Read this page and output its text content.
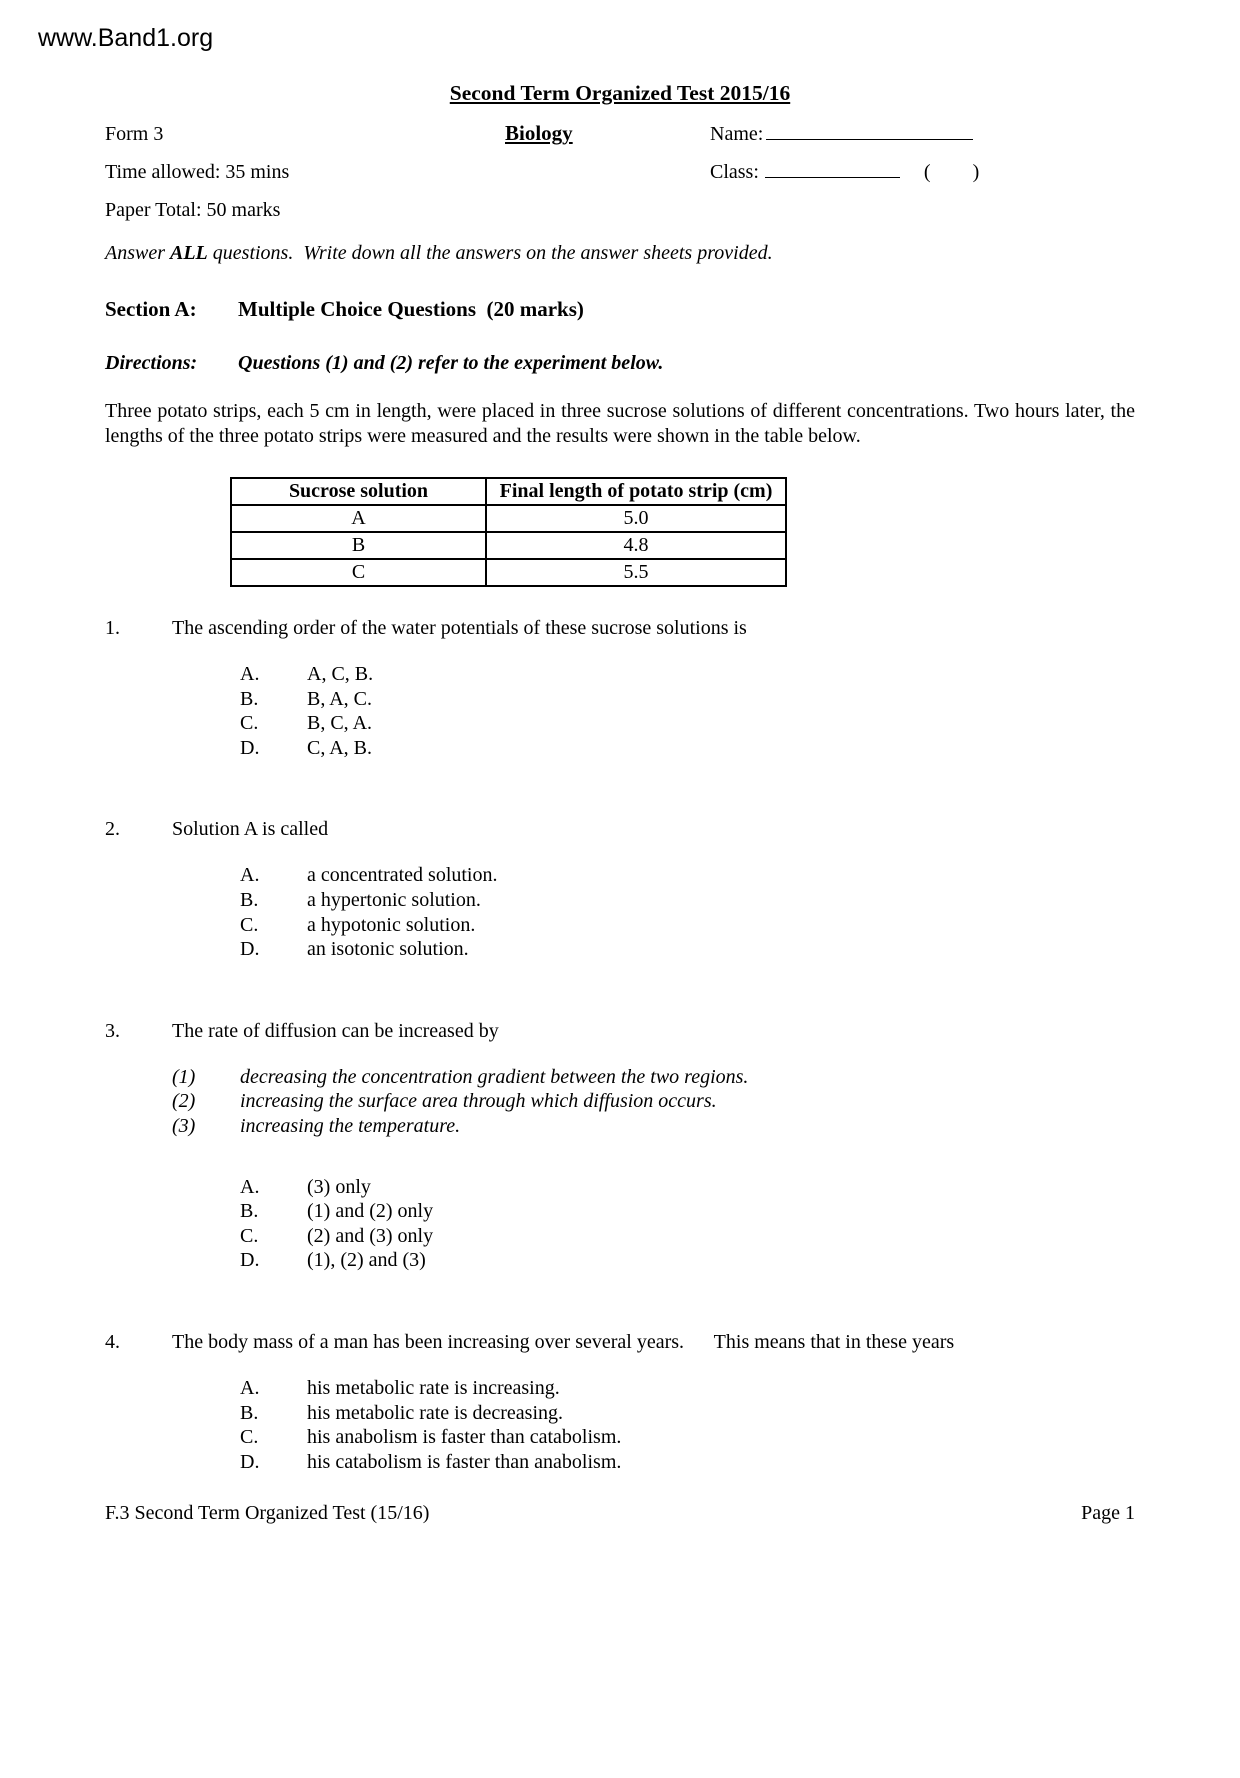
www.Band1.org
Second Term Organized Test 2015/16
Form 3	Biology	Name:
Time allowed: 35 mins	Class:	( )
Paper Total: 50 marks
Answer ALL questions.  Write down all the answers on the answer sheets provided.
Section A: Multiple Choice Questions  (20 marks)
Directions: Questions (1) and (2) refer to the experiment below.
Three potato strips, each 5 cm in length, were placed in three sucrose solutions of different concentrations. Two hours later, the lengths of the three potato strips were measured and the results were shown in the table below.
Sucrose solution	Final length of potato strip (cm)
A	5.0
B	4.8
C	5.5
1.	The ascending order of the water potentials of these sucrose solutions is
A. A, C, B.
B. B, A, C.
C. B, C, A.
D. C, A, B.
2.	Solution A is called
A. a concentrated solution.
B. a hypertonic solution.
C. a hypotonic solution.
D. an isotonic solution.
3.	The rate of diffusion can be increased by
(1) decreasing the concentration gradient between the two regions.
(2) increasing the surface area through which diffusion occurs.
(3) increasing the temperature.
A. (3) only
B. (1) and (2) only
C. (2) and (3) only
D. (1), (2) and (3)
4.	The body mass of a man has been increasing over several years.      This means that in these years
A. his metabolic rate is increasing.
B. his metabolic rate is decreasing.
C. his anabolism is faster than catabolism.
D. his catabolism is faster than anabolism.
F.3 Second Term Organized Test (15/16)	Page 1
